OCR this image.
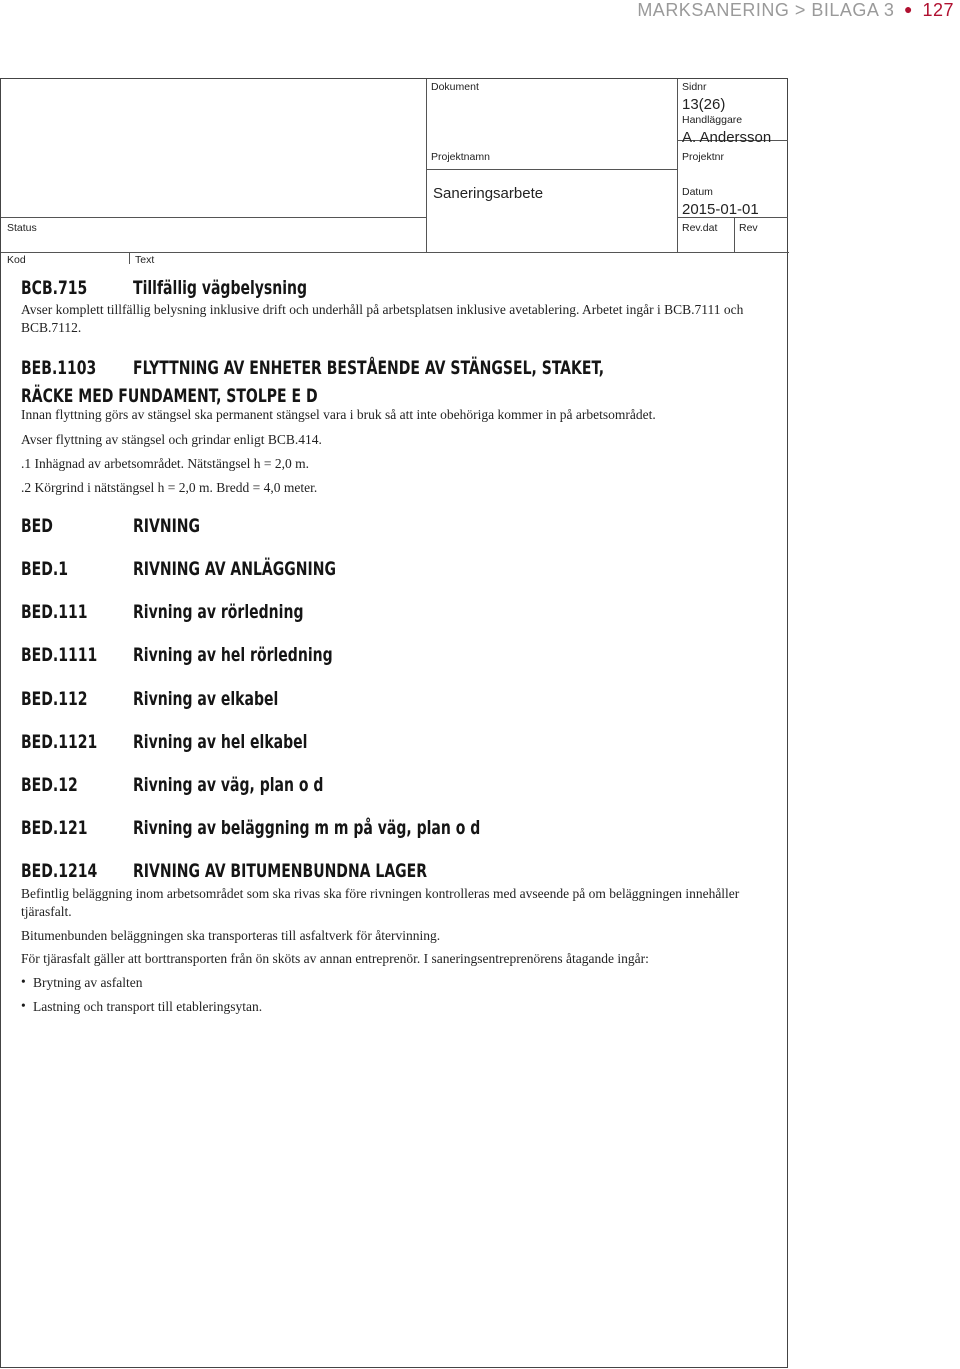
MARKSANERING > BILAGA 3 ● 127
Dokument	Sidnr
13(26)
Handläggare
A. Andersson
Projektnamn	Projektnr
Saneringsarbete	Datum
2015-01-01
Status	Rev.dat Rev
Kod	Text
BCB.715 Tillfällig vägbelysning
Avser komplett tillfällig belysning inklusive drift och underhåll på arbetsplatsen inklusive avetablering. Arbetet ingår i BCB.7111 och BCB.7112.
BEB.1103 FLYTTNING AV ENHETER BESTÅENDE AV STÄNGSEL, STAKET,
RÄCKE MED FUNDAMENT, STOLPE E D
Innan flyttning görs av stängsel ska permanent stängsel vara i bruk så att inte obehöriga kommer in på arbetsområdet.
Avser flyttning av stängsel och grindar enligt BCB.414.
.1 Inhägnad av arbetsområdet. Nätstängsel h = 2,0 m.
.2 Körgrind i nätstängsel h = 2,0 m. Bredd = 4,0 meter.
BED	RIVNING
BED.1	RIVNING AV ANLÄGGNING
BED.111 Rivning av rörledning
BED.1111 Rivning av hel rörledning
BED.112 Rivning av elkabel
BED.1121 Rivning av hel elkabel
BED.12	Rivning av väg, plan o d
BED.121 Rivning av beläggning m m på väg, plan o d
BED.1214 RIVNING AV BITUMENBUNDNA LAGER
Befintlig beläggning inom arbetsområdet som ska rivas ska före rivningen kontrolleras med avseende på om beläggningen innehåller tjärasfalt.
Bitumenbunden beläggningen ska transporteras till asfaltverk för återvinning.
För tjärasfalt gäller att borttransporten från ön sköts av annan entreprenör. I saneringsentreprenörens åtagande ingår:
• Brytning av asfalten
• Lastning och transport till etableringsytan.
